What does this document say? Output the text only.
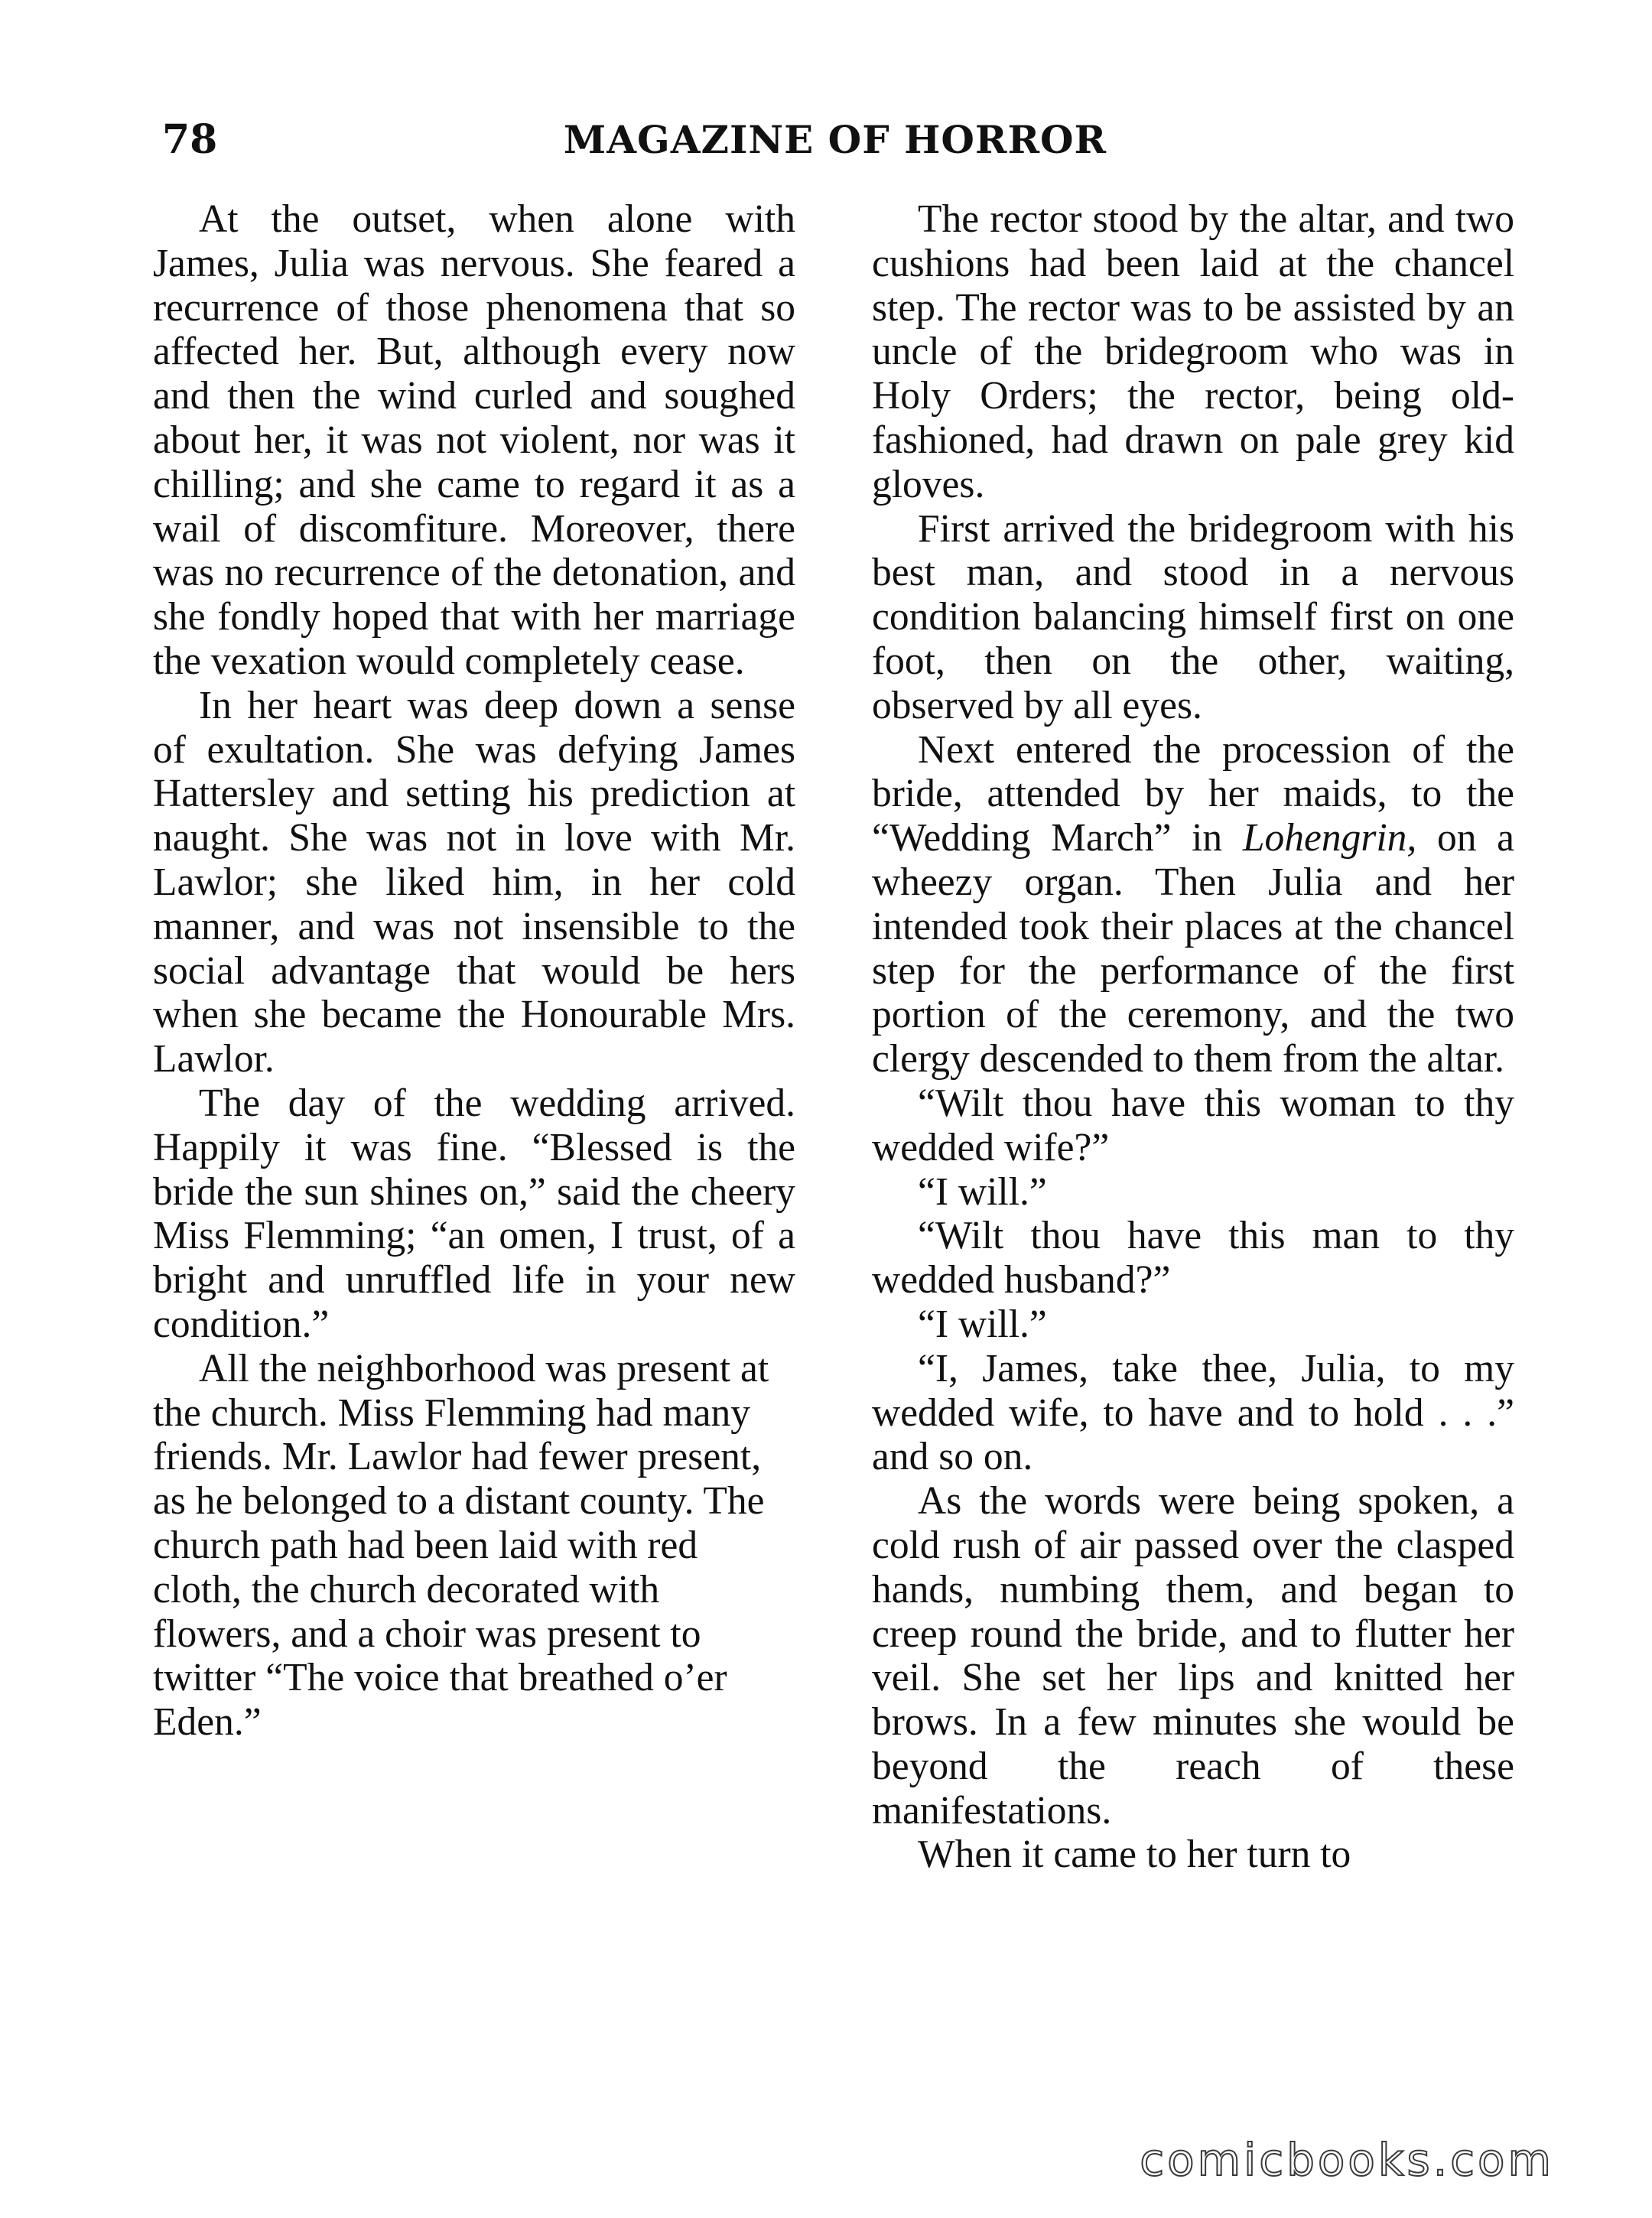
78	MAGAZINE OF HORROR

At the outset, when alone with James, Julia was nervous. She feared a recurrence of those phenomena that so affected her. But, although every now and then the wind curled and soughed about her, it was not violent, nor was it chilling; and she came to regard it as a wail of discomfiture. Moreover, there was no recurrence of the detonation, and she fondly hoped that with her marriage the vexation would completely cease.

In her heart was deep down a sense of exultation. She was defying James Hattersley and setting his prediction at naught. She was not in love with Mr. Lawlor; she liked him, in her cold manner, and was not insensible to the social advantage that would be hers when she became the Honourable Mrs. Lawlor.

The day of the wedding arrived. Happily it was fine. “Blessed is the bride the sun shines on,” said the cheery Miss Flemming; “an omen, I trust, of a bright and unruffled life in your new condition.”

All the neighborhood was present at the church. Miss Flemming had many friends. Mr. Lawlor had fewer present, as he belonged to a distant county. The church path had been laid with red cloth, the church decorated with flowers, and a choir was present to twitter “The voice that breathed o’er Eden.”

The rector stood by the altar, and two cushions had been laid at the chancel step. The rector was to be assisted by an uncle of the bridegroom who was in Holy Orders; the rector, being old-fashioned, had drawn on pale grey kid gloves.

First arrived the bridegroom with his best man, and stood in a nervous condition balancing himself first on one foot, then on the other, waiting, observed by all eyes.

Next entered the procession of the bride, attended by her maids, to the “Wedding March” in Lohengrin, on a wheezy organ. Then Julia and her intended took their places at the chancel step for the performance of the first portion of the ceremony, and the two clergy descended to them from the altar.

“Wilt thou have this woman to thy wedded wife?”

“I will.”

“Wilt thou have this man to thy wedded husband?”

“I will.”

“I, James, take thee, Julia, to my wedded wife, to have and to hold . . .” and so on.

As the words were being spoken, a cold rush of air passed over the clasped hands, numbing them, and began to creep round the bride, and to flutter her veil. She set her lips and knitted her brows. In a few minutes she would be beyond the reach of these manifestations.

When it came to her turn to

comicbooks.com
